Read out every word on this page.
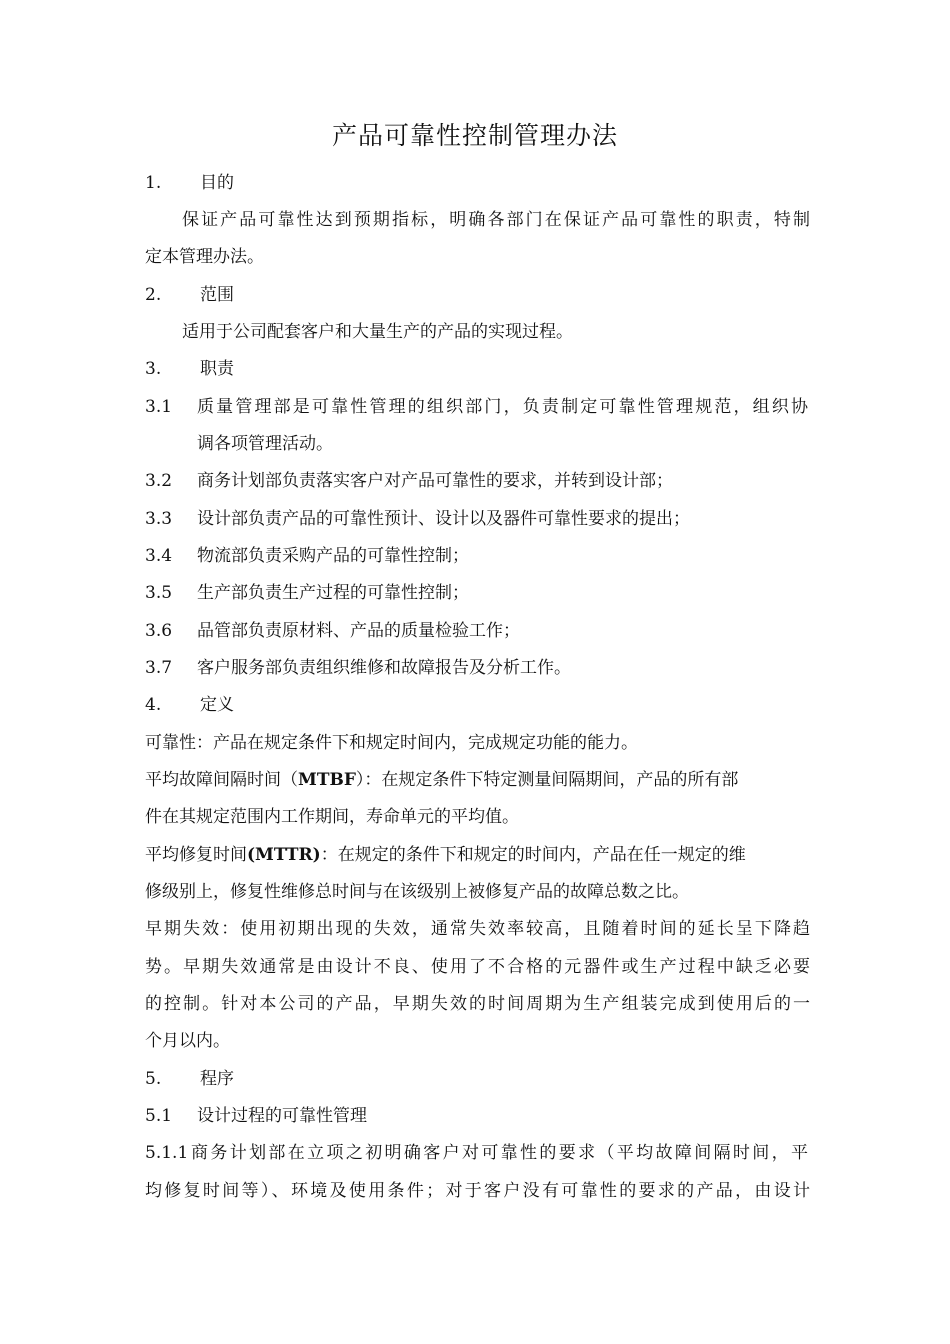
产品可靠性控制管理办法
1. 目的
保证产品可靠性达到预期指标，明确各部门在保证产品可靠性的职责，特制
定本管理办法。
2. 范围
适用于公司配套客户和大量生产的产品的实现过程。
3. 职责
3.1 质量管理部是可靠性管理的组织部门，负责制定可靠性管理规范，组织协
调各项管理活动。
3.2 商务计划部负责落实客户对产品可靠性的要求，并转到设计部；
3.3 设计部负责产品的可靠性预计、设计以及器件可靠性要求的提出；
3.4 物流部负责采购产品的可靠性控制；
3.5 生产部负责生产过程的可靠性控制；
3.6 品管部负责原材料、产品的质量检验工作；
3.7 客户服务部负责组织维修和故障报告及分析工作。
4. 定义
可靠性：产品在规定条件下和规定时间内，完成规定功能的能力。
平均故障间隔时间（MTBF）：在规定条件下特定测量间隔期间，产品的所有部
件在其规定范围内工作期间，寿命单元的平均值。
平均修复时间(MTTR)：在规定的条件下和规定的时间内，产品在任一规定的维
修级别上，修复性维修总时间与在该级别上被修复产品的故障总数之比。
早期失效：使用初期出现的失效，通常失效率较高，且随着时间的延长呈下降趋
势。早期失效通常是由设计不良、使用了不合格的元器件或生产过程中缺乏必要
的控制。针对本公司的产品，早期失效的时间周期为生产组装完成到使用后的一
个月以内。
5. 程序
5.1 设计过程的可靠性管理
5.1.1 商务计划部在立项之初明确客户对可靠性的要求（平均故障间隔时间，平
均修复时间等）、环境及使用条件；对于客户没有可靠性的要求的产品，由设计
